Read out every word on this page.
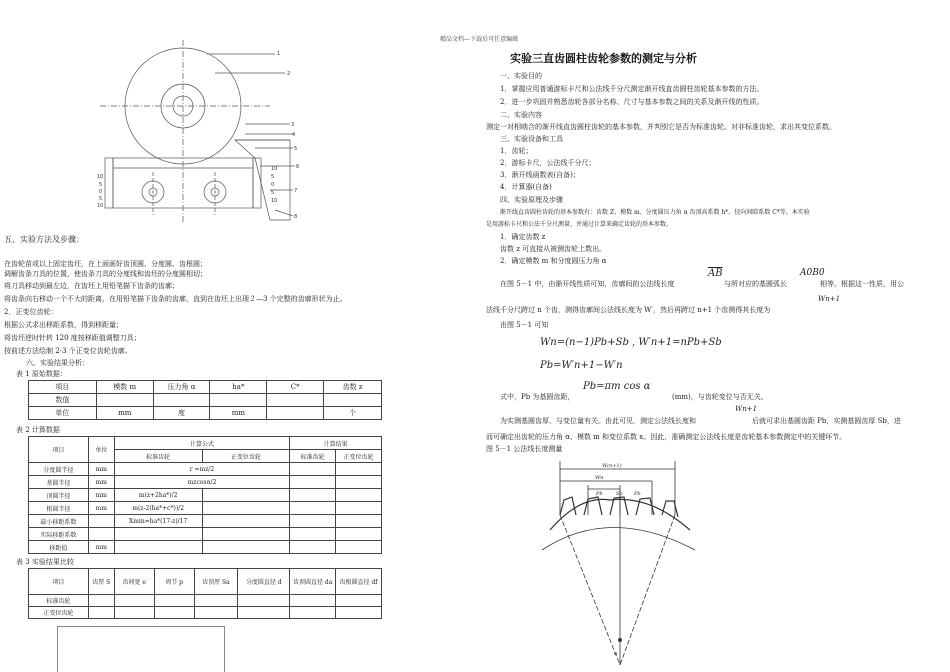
精品文档---下载后可任意编辑
1
2
3
4
5
6
7
8
10
5
0
5
10
10
5
0
5
10
五、实验方法及步骤：
在齿轮苗或以上固定齿坯，在上面画好齿顶圆、分度圆、齿根圆；
调解齿条刀具的位置，使齿条刀具的分度线和齿坯的分度圆相切；
将刀具移动到最左边，在齿坯上用铅笔描下齿条的齿廓；
将齿条向右移动一个不大的距离，在用铅笔描下齿条的齿廓，直到在齿坯上出现２—3 个完整的齿廓形状为止。
2．正变位齿轮：
根据公式求出移距系数，得到移距量；
将齿坯逆时针转 120 度按移距值调整刀具；
按前述方法绘制 2-3 个正变位齿轮齿廓。
六、实验结果分析：
表 1 原始数据：
项目	模数 m	压力角 α	ha*	C*	齿数 z
数值					
单位	mm	度	mm		个
表 2 计算数据
项目	单位	计算公式		计算结果	
		标准齿轮	正变位齿轮	标准齿轮	正变位齿轮
分度圆半径	mm	r =mz/2			
基圆半径	mm	mzcosα/2			
顶圆半径	mm	m(z+2ha*)/2			
根圆半径	mm	m(z-2(ha*+c*))/2			
最小移距系数		Xmin=ha*(17-z)/17			
实际移距系数					
移距值	mm				
表 3 实验结果比较
项目	齿厚 S	齿间宽 e	周节 p	齿顶厚 Sa	分度圆直径 d	齿顶圆直径 da	齿根圆直径 df
标准齿轮							
正变位齿轮							
实验三直齿圆柱齿轮参数的测定与分析
一、实验目的
1．掌握应用普通游标卡尺和公法线千分尺测定渐开线直齿圆柱齿轮基本参数的方法。
2．进一步巩固并熟悉齿轮各部分名称、尺寸与基本参数之间的关系及渐开线的性质。
二、实验内容
测定一对相啮合的渐开线直齿圆柱齿轮的基本参数，并判别它是否为标准齿轮。对非标准齿轮，求出其变位系数。
三、实验设备和工具
1．齿轮；
2．游标卡尺，公法线千分尺；
3．渐开线函数表(自备)；
4．计算器(自备)
四、实验原理及步骤
渐开线直齿圆柱齿轮的基本参数有：齿数 Z、模数 m、分度圆压力角 α 齿顶高系数 h*、径向间隙系数 C*等。本实验
是用游标卡尺和公法千分尺测量，并通过计算来确定齿轮的基本参数。
1．确定齿数 z
齿数 z 可直接从被测齿轮上数出。
2．确定模数 m 和分度圆压力角 α
在图 5－1 中，由渐开线性质可知，齿廓间的公法线长度
$\overline{AB}$
与所对应的基圆弧长
A0B0
相等。根据这一性质，用公
法线千分尺跨过 n 个齿，测得齿廓间公法线长度为 W′，然后再跨过 n+1 个齿测得其长度为
Wn+1
由图 5－1 可知
Wn=(n−1)Pb+Sb , W′n+1=nPb+Sb
Pb=W′n+1−W′n
式中，Pb 为基圆齿距，
Pb=πm cos α
(mm)，与齿轮变位与否无关。
为实测基圆齿厚，与变位量有关。由此可见，测定公法线长度和
Wn+1
后就可求出基圆齿距 Pb，实测基圆齿厚 Sb，进
而可确定出齿轮的压力角 α、模数 m 和变位系数 x。因此，准确测定公法线长度是齿轮基本参数测定中的关键环节。
图 5－1 公法线长度测量
W(n+1)
Wn
Pb	Sb Pb
α
